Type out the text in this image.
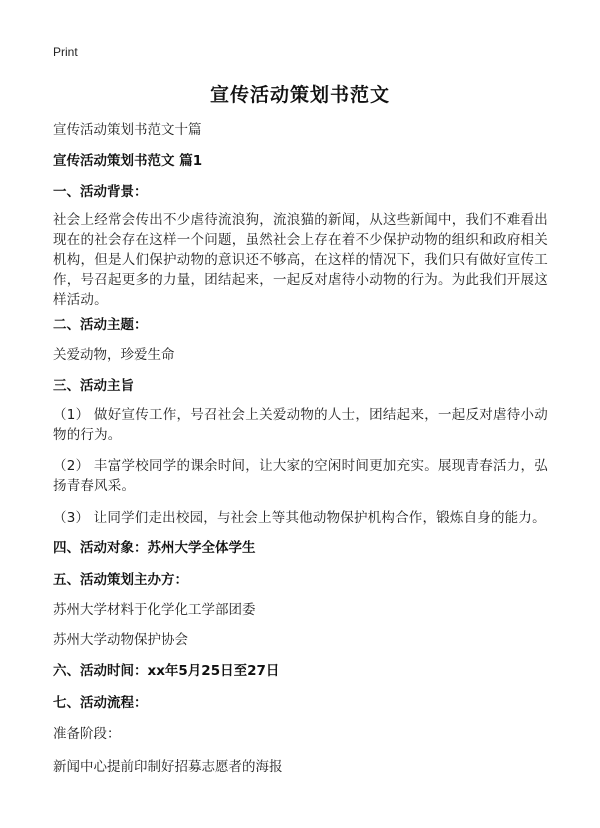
Print
宣传活动策划书范文
宣传活动策划书范文十篇
宣传活动策划书范文 篇1
一、活动背景：
社会上经常会传出不少虐待流浪狗，流浪猫的新闻，从这些新闻中，我们不难看出现在的社会存在这样一个问题，虽然社会上存在着不少保护动物的组织和政府相关机构，但是人们保护动物的意识还不够高，在这样的情况下，我们只有做好宣传工作，号召起更多的力量，团结起来，一起反对虐待小动物的行为。为此我们开展这样活动。
二、活动主题：
关爱动物，珍爱生命
三、活动主旨
（1） 做好宣传工作，号召社会上关爱动物的人士，团结起来，一起反对虐待小动物的行为。
（2） 丰富学校同学的课余时间，让大家的空闲时间更加充实。展现青春活力，弘扬青春风采。
（3） 让同学们走出校园，与社会上等其他动物保护机构合作，锻炼自身的能力。
四、活动对象：苏州大学全体学生
五、活动策划主办方：
苏州大学材料于化学化工学部团委
苏州大学动物保护协会
六、活动时间：xx年5月25日至27日
七、活动流程：
准备阶段：
新闻中心提前印制好招募志愿者的海报
